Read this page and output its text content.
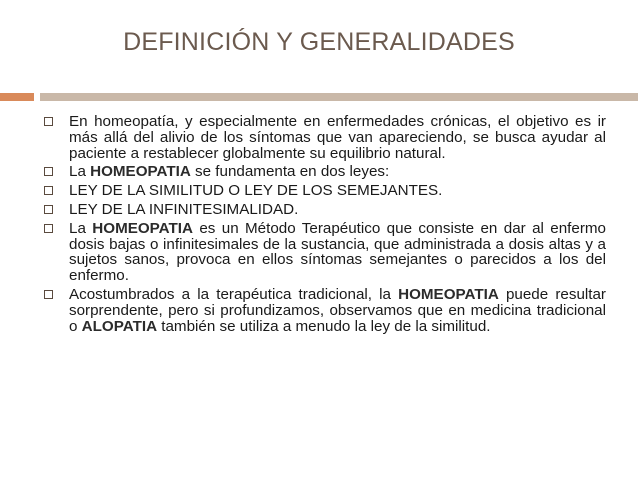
DEFINICIÓN Y GENERALIDADES
En homeopatía, y especialmente en enfermedades crónicas, el objetivo es ir más allá del alivio de los síntomas que van apareciendo, se busca ayudar al paciente a restablecer globalmente su equilibrio natural.
La HOMEOPATIA se fundamenta en dos leyes:
LEY DE LA SIMILITUD O LEY DE LOS SEMEJANTES.
LEY DE LA INFINITESIMALIDAD.
La HOMEOPATIA es un Método Terapéutico que consiste en dar al enfermo dosis bajas o infinitesimales de la sustancia, que administrada a dosis altas y a sujetos sanos, provoca en ellos síntomas semejantes o parecidos a los del enfermo.
Acostumbrados a la terapéutica tradicional, la HOMEOPATIA puede resultar sorprendente, pero si profundizamos, observamos que en medicina tradicional o ALOPATIA también se utiliza a menudo la ley de la similitud.
